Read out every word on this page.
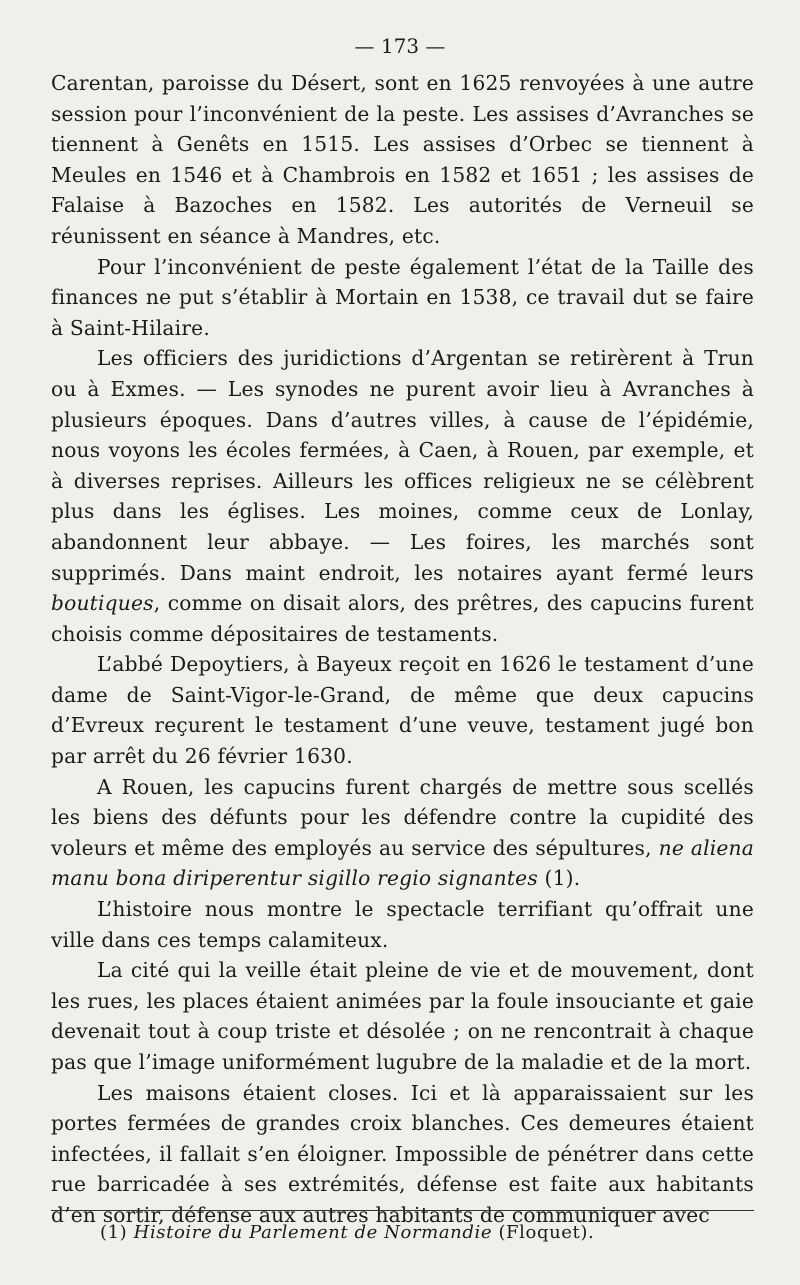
— 173 —

Carentan, paroisse du Désert, sont en 1625 renvoyées à une autre session pour l’inconvénient de la peste. Les assises d’Avranches se tiennent à Genêts en 1515. Les assises d’Orbec se tiennent à Meules en 1546 et à Chambrois en 1582 et 1651 ; les assises de Falaise à Bazoches en 1582. Les autorités de Verneuil se réunissent en séance à Mandres, etc.

Pour l’inconvénient de peste également l’état de la Taille des finances ne put s’établir à Mortain en 1538, ce travail dut se faire à Saint-Hilaire.

Les officiers des juridictions d’Argentan se retirèrent à Trun ou à Exmes. — Les synodes ne purent avoir lieu à Avranches à plusieurs époques. Dans d’autres villes, à cause de l’épidémie, nous voyons les écoles fermées, à Caen, à Rouen, par exemple, et à diverses reprises. Ailleurs les offices religieux ne se célèbrent plus dans les églises. Les moines, comme ceux de Lonlay, abandonnent leur abbaye. — Les foires, les marchés sont supprimés. Dans maint endroit, les notaires ayant fermé leurs boutiques, comme on disait alors, des prêtres, des capucins furent choisis comme dépositaires de testaments.

L’abbé Depoytiers, à Bayeux reçoit en 1626 le testament d’une dame de Saint-Vigor-le-Grand, de même que deux capucins d’Evreux reçurent le testament d’une veuve, testament jugé bon par arrêt du 26 février 1630.

A Rouen, les capucins furent chargés de mettre sous scellés les biens des défunts pour les défendre contre la cupidité des voleurs et même des employés au service des sépultures, ne aliena manu bona diriperentur sigillo regio signantes (1).

L’histoire nous montre le spectacle terrifiant qu’offrait une ville dans ces temps calamiteux.

La cité qui la veille était pleine de vie et de mouvement, dont les rues, les places étaient animées par la foule insouciante et gaie devenait tout à coup triste et désolée ; on ne rencontrait à chaque pas que l’image uniformément lugubre de la maladie et de la mort.

Les maisons étaient closes. Ici et là apparaissaient sur les portes fermées de grandes croix blanches. Ces demeures étaient infectées, il fallait s’en éloigner. Impossible de pénétrer dans cette rue barricadée à ses extrémités, défense est faite aux habitants d’en sortir, défense aux autres habitants de communiquer avec

(1) Histoire du Parlement de Normandie (Floquet).
